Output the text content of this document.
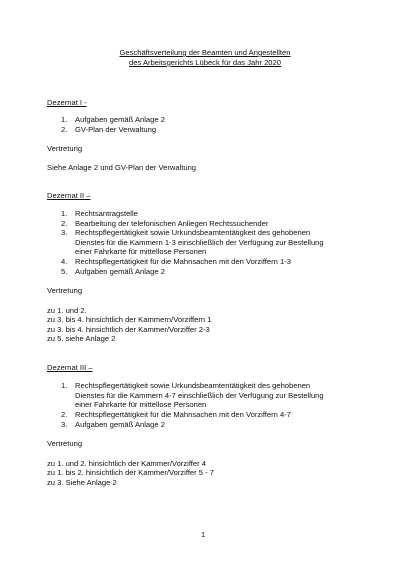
Geschäftsverteilung der Beamten und Angestellten
des Arbeitsgerichts Lübeck für das Jahr 2020
Dezernat I -
1. Aufgaben gemäß Anlage 2
2. GV-Plan der Verwaltung
Vertretung
Siehe Anlage 2 und GV-Plan der Verwaltung
Dezernat II –
1. Rechtsantragstelle
2. Bearbeitung der telefonischen Anliegen Rechtssuchender
3. Rechtspflegertätigkeit sowie Urkundsbeamtentätigkeit des gehobenen
Dienstes für die Kammern 1-3 einschließlich der Verfügung zur Bestellung
einer Fahrkarte für mittellose Personen
4. Rechtspflegertätigkeit für die Mahnsachen mit den Vorziffern 1-3
5. Aufgaben gemäß Anlage 2
Vertretung
zu 1. und 2.
zu 3. bis 4. hinsichtlich der Kammern/Vorziffern 1
zu 3. bis 4. hinsichtlich der Kammer/Vorziffer 2-3
zu 5. siehe Anlage 2
Dezernat III –
1. Rechtspflegertätigkeit sowie Urkundsbeamtentätigkeit des gehobenen
Dienstes für die Kammern 4-7 einschließlich der Verfügung zur Bestellung
einer Fahrkarte für mittellose Personen
2. Rechtspflegertätigkeit für die Mahnsachen mit den Vorziffern 4-7
3. Aufgaben gemäß Anlage 2
Vertretung
zu 1. und 2. hinsichtlich der Kammer/Vorziffer 4
zu 1. bis 2. hinsichtlich der Kammer/Vorziffer 5 - 7
zu 3. Siehe Anlage 2
1
